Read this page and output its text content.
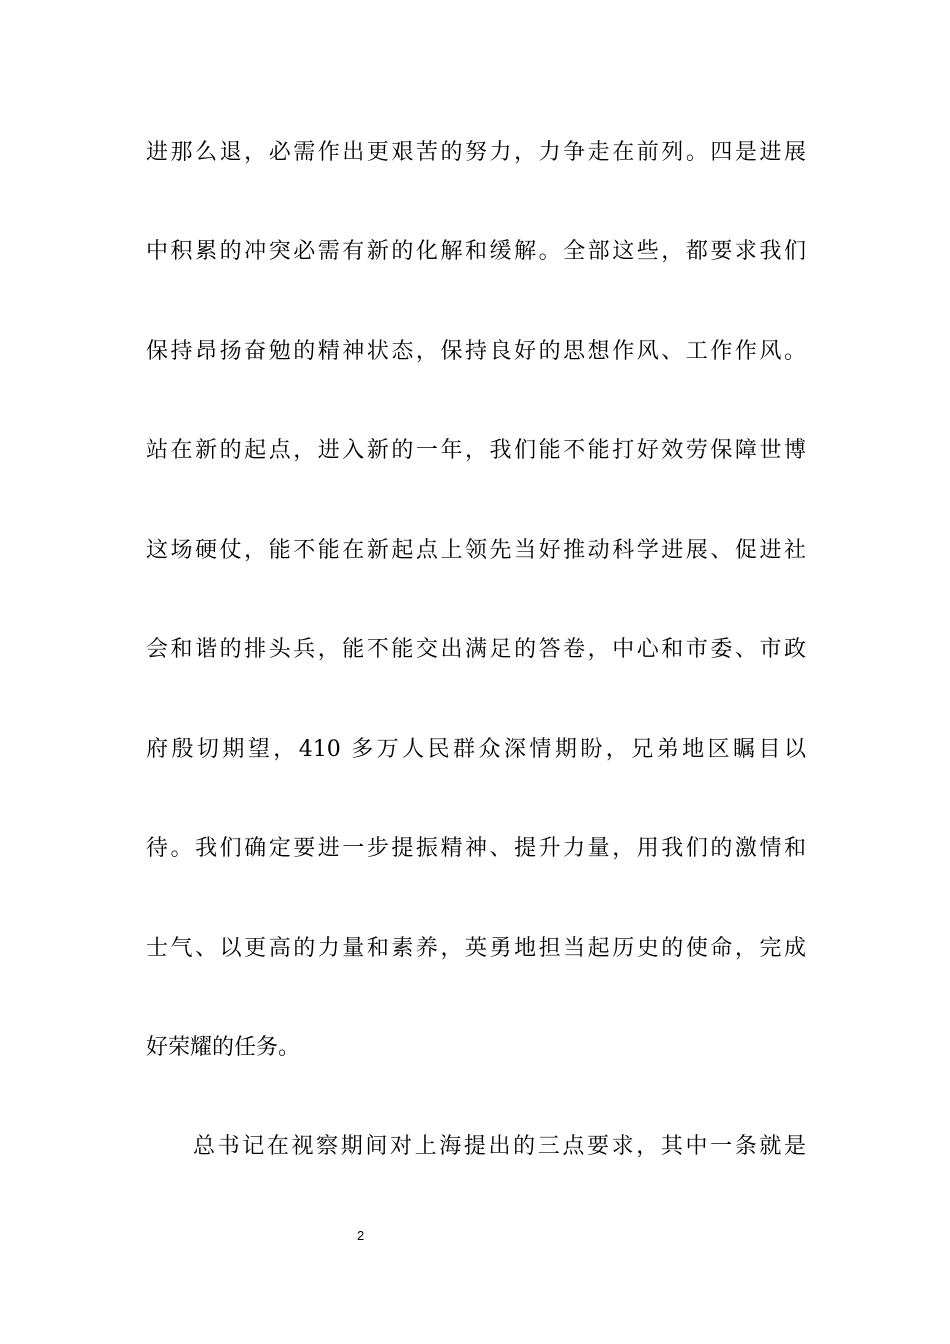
进那么退，必需作出更艰苦的努力，力争走在前列。四是进展
中积累的冲突必需有新的化解和缓解。全部这些，都要求我们
保持昂扬奋勉的精神状态，保持良好的思想作风、工作作风。
站在新的起点，进入新的一年，我们能不能打好效劳保障世博
这场硬仗，能不能在新起点上领先当好推动科学进展、促进社
会和谐的排头兵，能不能交出满足的答卷，中心和市委、市政
府殷切期望，410 多万人民群众深情期盼，兄弟地区瞩目以
待。我们确定要进一步提振精神、提升力量，用我们的激情和
士气、以更高的力量和素养，英勇地担当起历史的使命，完成
好荣耀的任务。
总书记在视察期间对上海提出的三点要求，其中一条就是
2
